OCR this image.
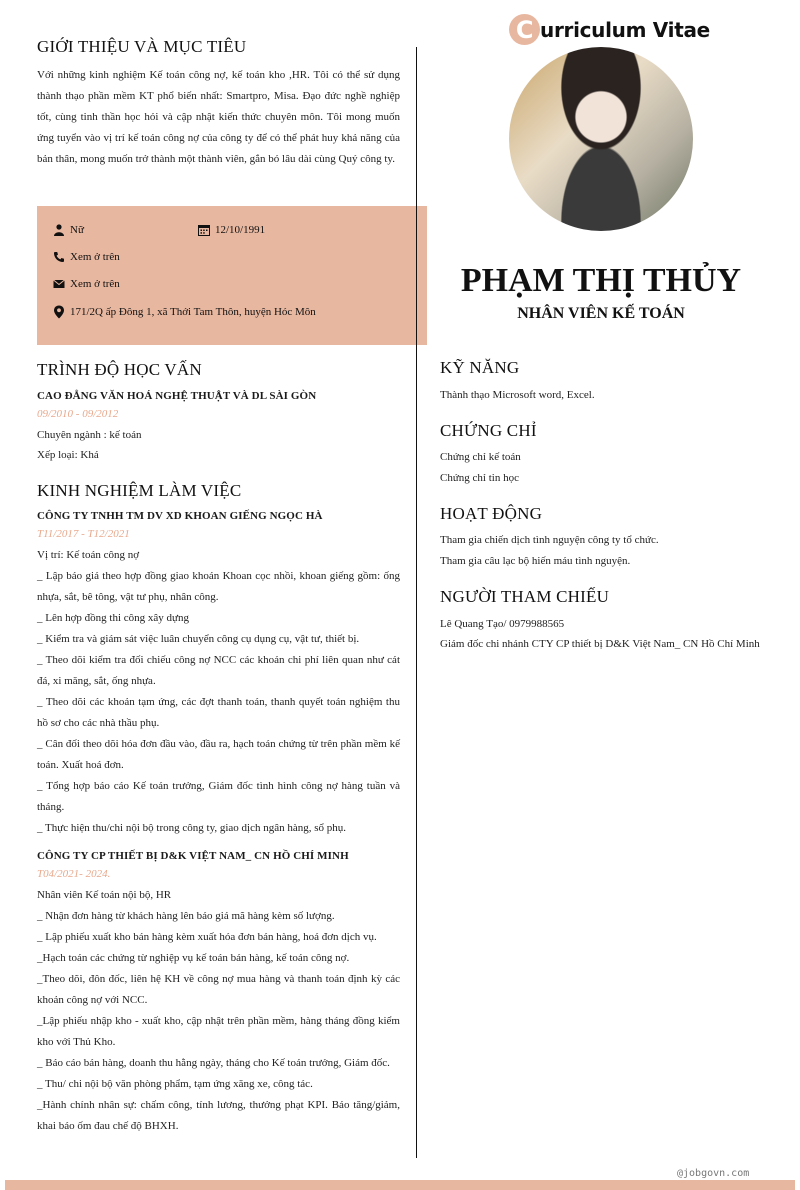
GIỚI THIỆU VÀ MỤC TIÊU
Với những kinh nghiệm Kế toán công nợ, kế toán kho ,HR. Tôi có thể sử dụng thành thạo phần mềm KT phổ biến nhất: Smartpro, Misa. Đạo đức nghề nghiệp tốt, cùng tinh thần học hỏi và cập nhật kiến thức chuyên môn. Tôi mong muốn ứng tuyển vào vị trí kế toán công nợ của công ty để có thể phát huy khả năng của bản thân, mong muốn trở thành một thành viên, gắn bó lâu dài cùng Quý công ty.
Nữ	12/10/1991
Xem ở trên
Xem ở trên
171/2Q ấp Đông 1, xã Thới Tam Thôn, huyện Hóc Môn
TRÌNH ĐỘ HỌC VẤN
CAO ĐẲNG VĂN HOÁ NGHỆ THUẬT VÀ DL SÀI GÒN
09/2010 - 09/2012
Chuyên ngành : kế toán
Xếp loại: Khá
KINH NGHIỆM LÀM VIỆC
CÔNG TY TNHH TM DV XD KHOAN GIẾNG NGỌC HÀ
T11/2017 - T12/2021

Vị trí: Kế toán công nợ

_ Lập báo giá theo hợp đồng giao khoán Khoan cọc nhồi, khoan giếng gồm: ống nhựa, sắt, bê tông, vật tư phụ, nhân công.

_ Lên hợp đồng thi công xây dựng

_ Kiểm tra và giám sát việc luân chuyển công cụ dụng cụ, vật tư, thiết bị.

_ Theo dõi kiểm tra đối chiếu công nợ NCC các khoản chi phí liên quan như cát đá, xi măng, sắt, ống nhựa.

_ Theo dõi các khoản tạm ứng, các đợt thanh toán, thanh quyết toán nghiệm thu hồ sơ cho các nhà thầu phụ.

_ Cân đối theo dõi hóa đơn đầu vào, đầu ra, hạch toán chứng từ trên phần mềm kế toán. Xuất hoá đơn.

_ Tổng hợp báo cáo Kế toán trưởng, Giám đốc tình hình công nợ hàng tuần và tháng.

_ Thực hiện thu/chi nội bộ trong công ty, giao dịch ngân hàng, sổ phụ.

CÔNG TY CP THIẾT BỊ D&K VIỆT NAM_ CN HỒ CHÍ MINH
T04/2021- 2024.

Nhân viên Kế toán nội bộ, HR

_ Nhận đơn hàng từ khách hàng lên báo giá mã hàng kèm số lượng.

_ Lập phiếu xuất kho bán hàng kèm xuất hóa đơn bán hàng, hoá đơn dịch vụ.

_Hạch toán các chứng từ nghiệp vụ kế toán bán hàng, kế toán công nợ.

_Theo dõi, đôn đốc, liên hệ KH về công nợ mua hàng và thanh toán định kỳ các khoản công nợ với NCC.

_Lập phiếu nhập kho - xuất kho, cập nhật trên phần mềm, hàng tháng đồng kiểm kho với Thủ Kho.

_ Báo cáo bán hàng, doanh thu hằng ngày, tháng cho Kế toán trưởng, Giám đốc.

_ Thu/ chi nội bộ văn phòng phẩm, tạm ứng xăng xe, công tác.

_Hành chính nhân sự: chấm công, tính lương, thưởng phạt KPI. Báo tăng/giảm, khai báo ốm đau chế độ BHXH.

C urriculum Vitae
PHẠM THỊ THỦY
NHÂN VIÊN KẾ TOÁN
KỸ NĂNG
Thành thạo Microsoft word, Excel.
CHỨNG CHỈ
Chứng chỉ kế toán
Chứng chỉ tin học
HOẠT ĐỘNG
Tham gia chiến dịch tình nguyện công ty tổ chức.
Tham gia câu lạc bộ hiến máu tình nguyện.
NGƯỜI THAM CHIẾU
Lê Quang Tạo/ 0979988565
Giám đốc chi nhánh CTY CP thiết bị D&K Việt Nam_ CN Hồ Chí Minh
@jobgovn.com
